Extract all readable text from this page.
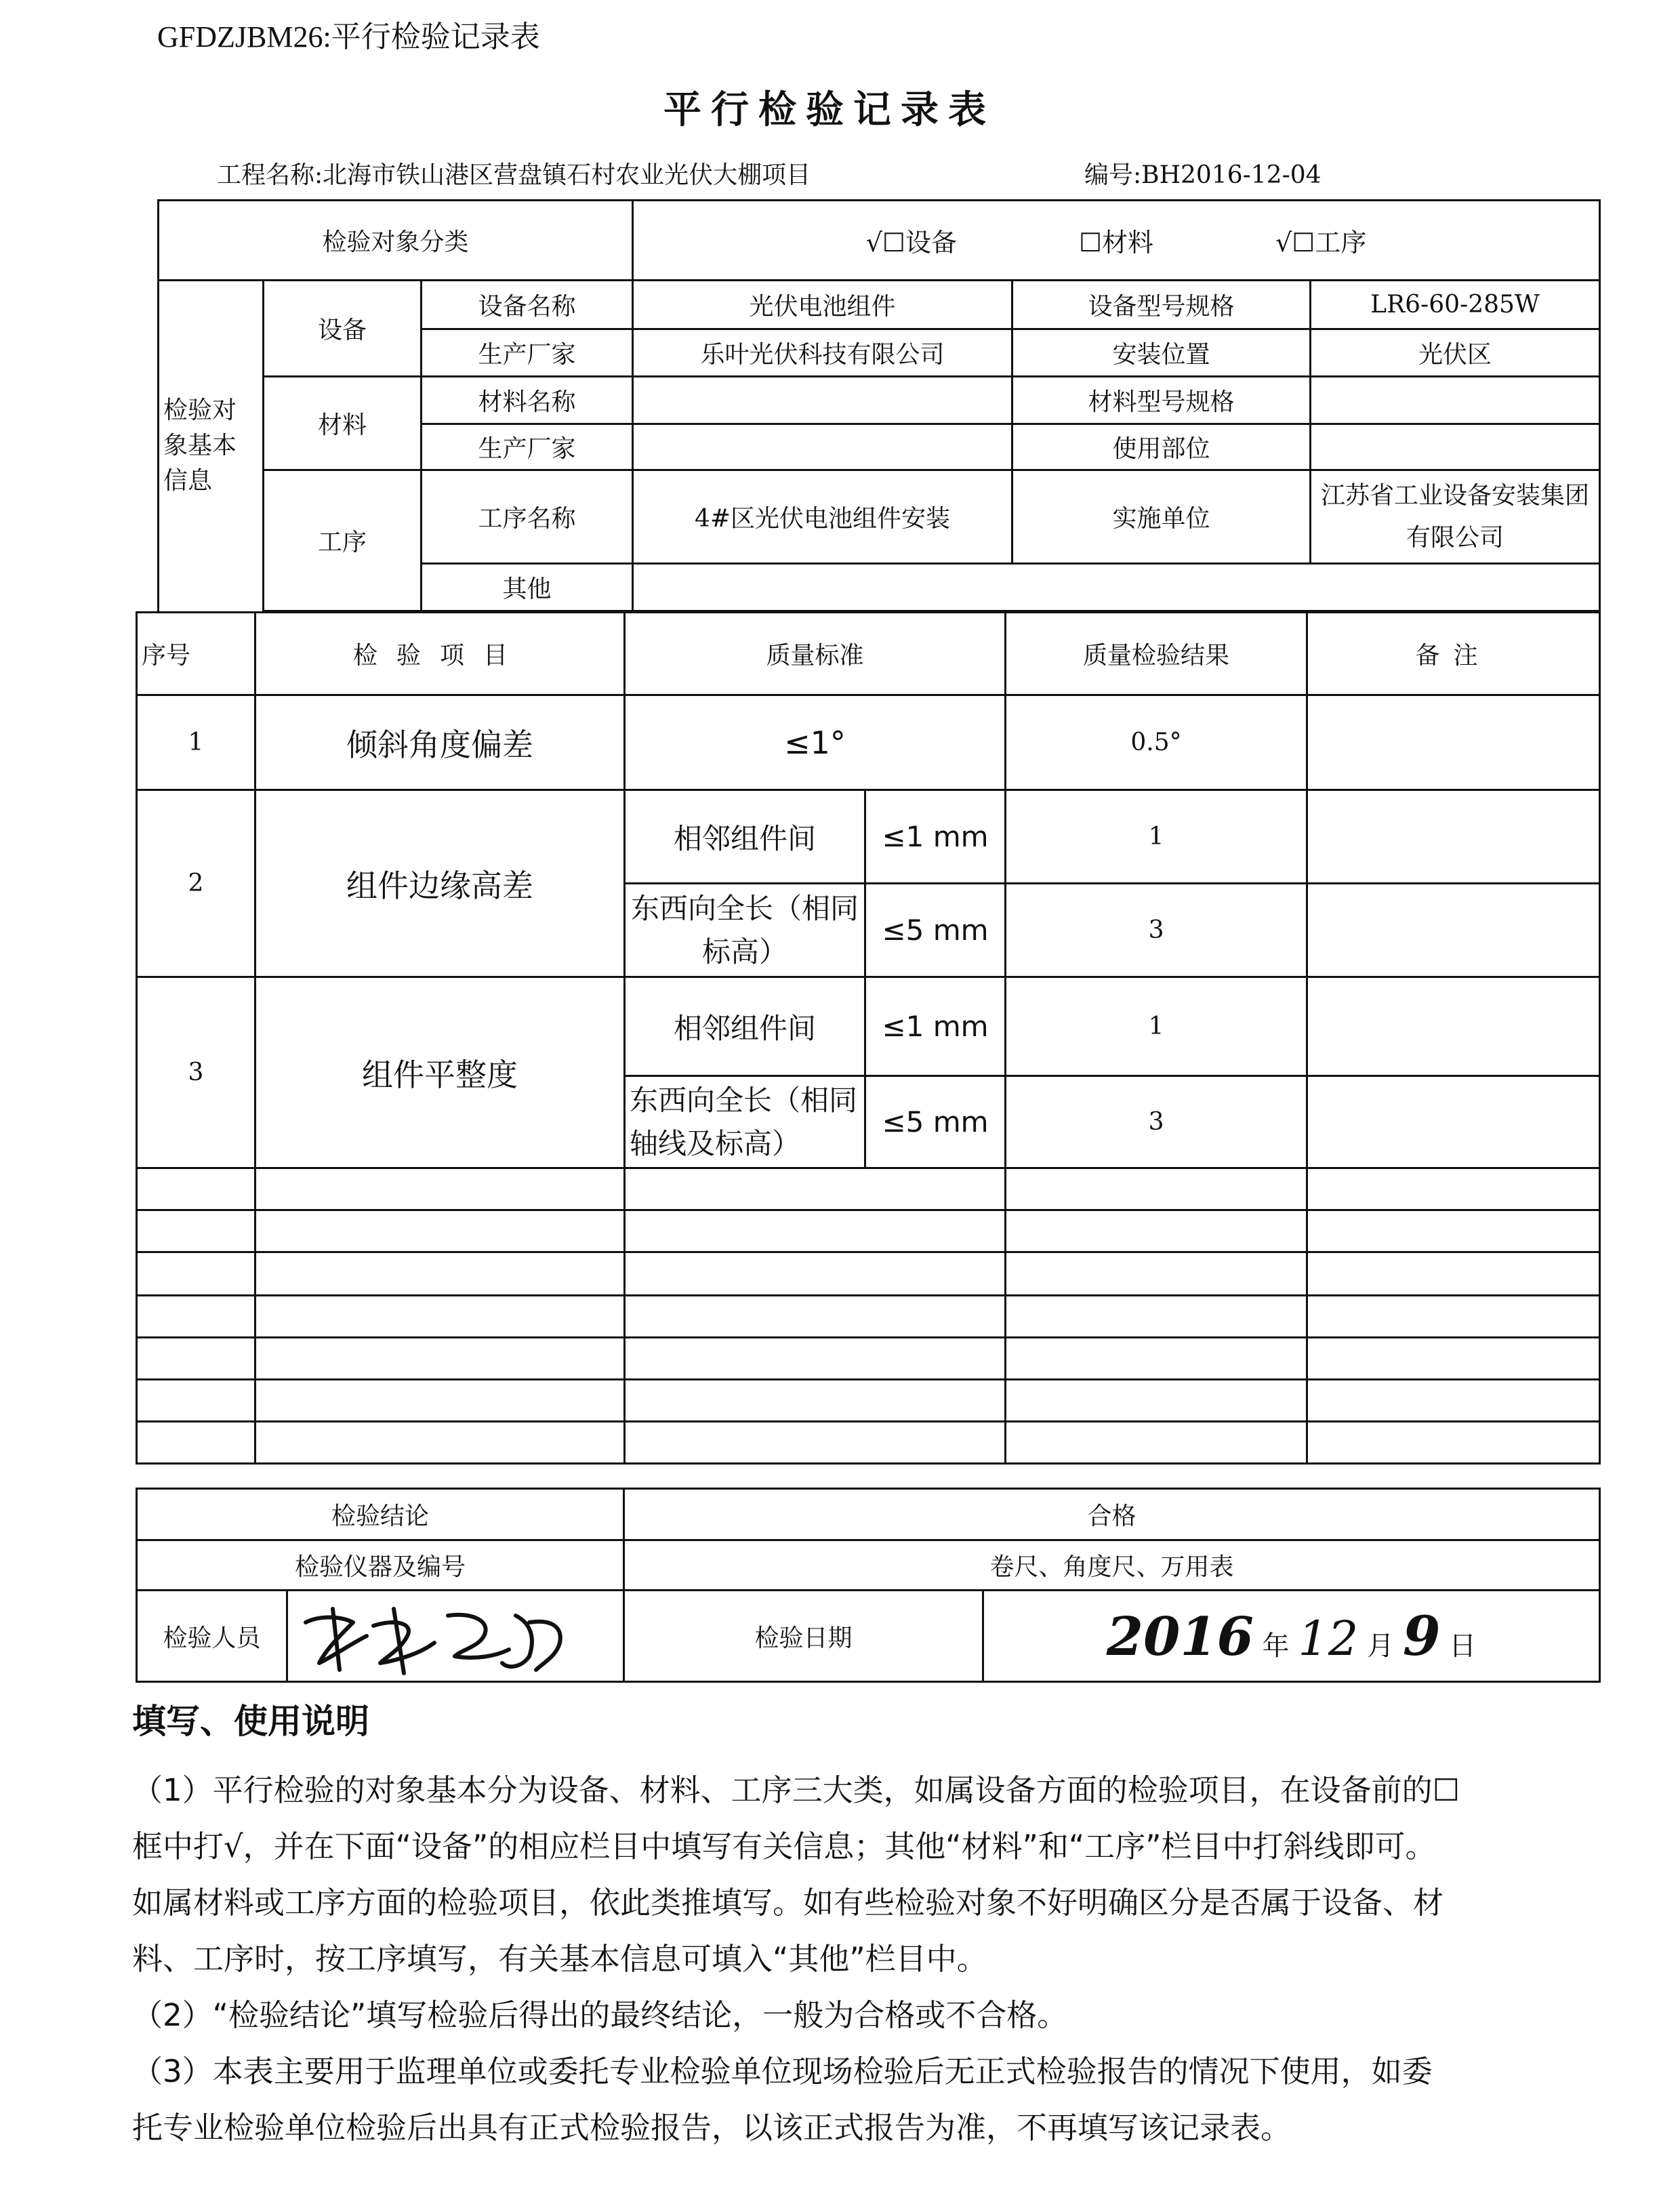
GFDZJBM26:平行检验记录表
平行检验记录表
工程名称:北海市铁山港区营盘镇石村农业光伏大棚项目	编号:BH2016-12-04
检验对象分类			√☐设备 ☐材料 √☐工序		
检验对象基本信息	设备	设备名称	光伏电池组件	设备型号规格	LR6-60-285W
		生产厂家	乐叶光伏科技有限公司	安装位置	光伏区
	材料	材料名称		材料型号规格	
		生产厂家		使用部位	
	工序	工序名称	4#区光伏电池组件安装	实施单位	江苏省工业设备安装集团有限公司
		其他			

序号	检验项目	质量标准		质量检验结果	备注
1	倾斜角度偏差	≤1°		0.5°	
2	组件边缘高差	相邻组件间	≤1 mm	1	
		东西向全长（相同标高）	≤5 mm	3	
3	组件平整度	相邻组件间	≤1 mm	1	
		东西向全长（相同轴线及标高）	≤5 mm	3	

检验结论		合格	
检验仪器及编号		卷尺、角度尺、万用表	
检验人员		检验日期	2016 年 12 月 9 日
填写、使用说明

（1）平行检验的对象基本分为设备、材料、工序三大类，如属设备方面的检验项目，在设备前的☐框中打√，并在下面“设备”的相应栏目中填写有关信息；其他“材料”和“工序”栏目中打斜线即可。如属材料或工序方面的检验项目，依此类推填写。如有些检验对象不好明确区分是否属于设备、材料、工序时，按工序填写，有关基本信息可填入“其他”栏目中。

（2）“检验结论”填写检验后得出的最终结论，一般为合格或不合格。

（3）本表主要用于监理单位或委托专业检验单位现场检验后无正式检验报告的情况下使用，如委托专业检验单位检验后出具有正式检验报告，以该正式报告为准，不再填写该记录表。
